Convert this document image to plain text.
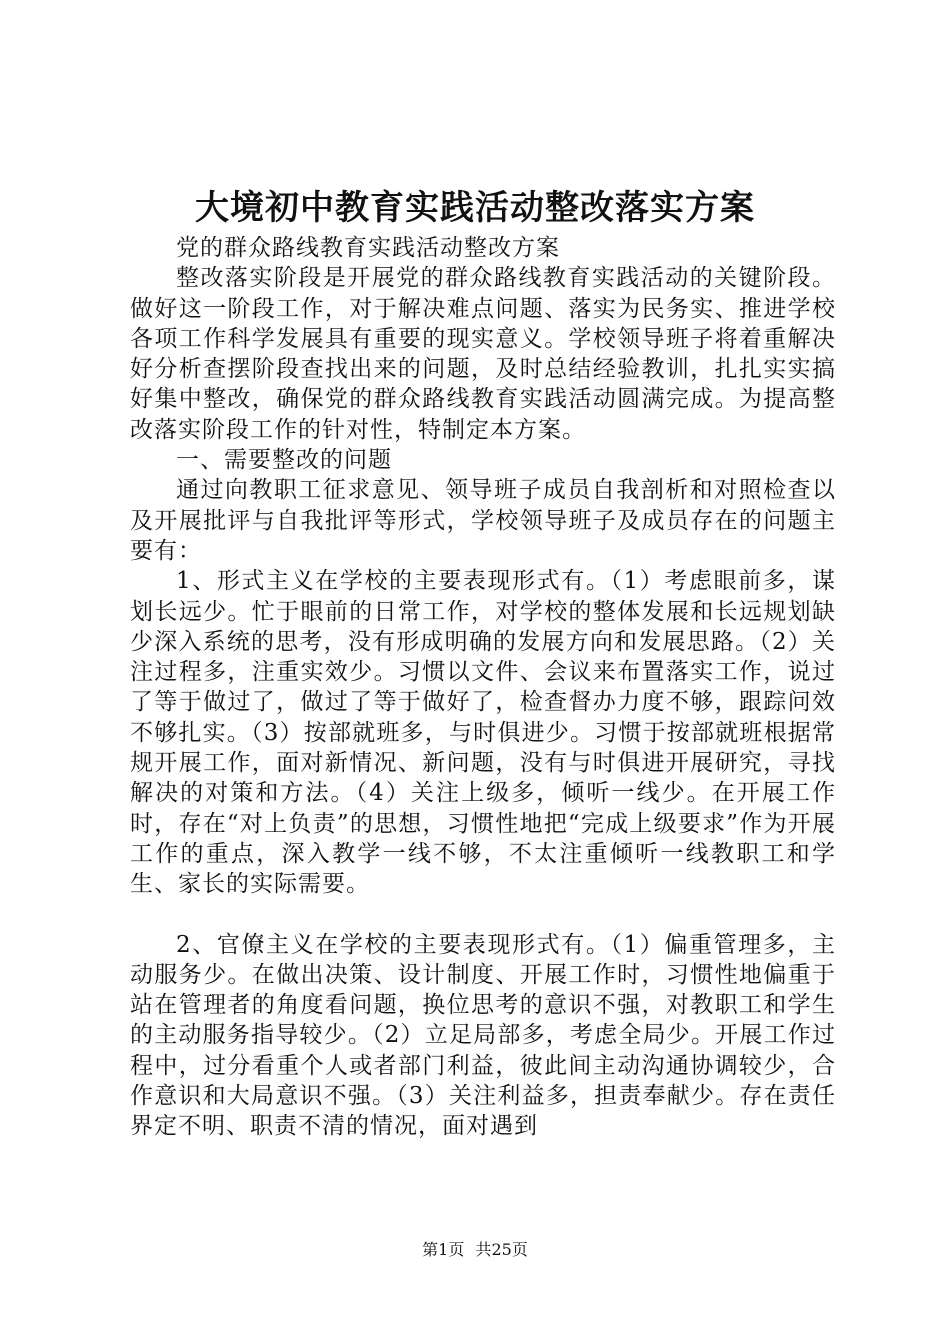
大境初中教育实践活动整改落实方案

党的群众路线教育实践活动整改方案

整改落实阶段是开展党的群众路线教育实践活动的关键阶段。做好这一阶段工作，对于解决难点问题、落实为民务实、推进学校各项工作科学发展具有重要的现实意义。学校领导班子将着重解决好分析查摆阶段查找出来的问题，及时总结经验教训，扎扎实实搞好集中整改，确保党的群众路线教育实践活动圆满完成。为提高整改落实阶段工作的针对性，特制定本方案。

一、需要整改的问题

通过向教职工征求意见、领导班子成员自我剖析和对照检查以及开展批评与自我批评等形式，学校领导班子及成员存在的问题主要有：

1、形式主义在学校的主要表现形式有。（1）考虑眼前多，谋划长远少。忙于眼前的日常工作，对学校的整体发展和长远规划缺少深入系统的思考，没有形成明确的发展方向和发展思路。（2）关注过程多，注重实效少。习惯以文件、会议来布置落实工作，说过了等于做过了，做过了等于做好了，检查督办力度不够，跟踪问效不够扎实。（3）按部就班多，与时俱进少。习惯于按部就班根据常规开展工作，面对新情况、新问题，没有与时俱进开展研究，寻找解决的对策和方法。（4）关注上级多，倾听一线少。在开展工作时，存在“对上负责”的思想，习惯性地把“完成上级要求”作为开展工作的重点，深入教学一线不够，不太注重倾听一线教职工和学生、家长的实际需要。

2、官僚主义在学校的主要表现形式有。（1）偏重管理多，主动服务少。在做出决策、设计制度、开展工作时，习惯性地偏重于站在管理者的角度看问题，换位思考的意识不强，对教职工和学生的主动服务指导较少。（2）立足局部多，考虑全局少。开展工作过程中，过分看重个人或者部门利益，彼此间主动沟通协调较少，合作意识和大局意识不强。（3）关注利益多，担责奉献少。存在责任界定不明、职责不清的情况，面对遇到

第1页 共25页
